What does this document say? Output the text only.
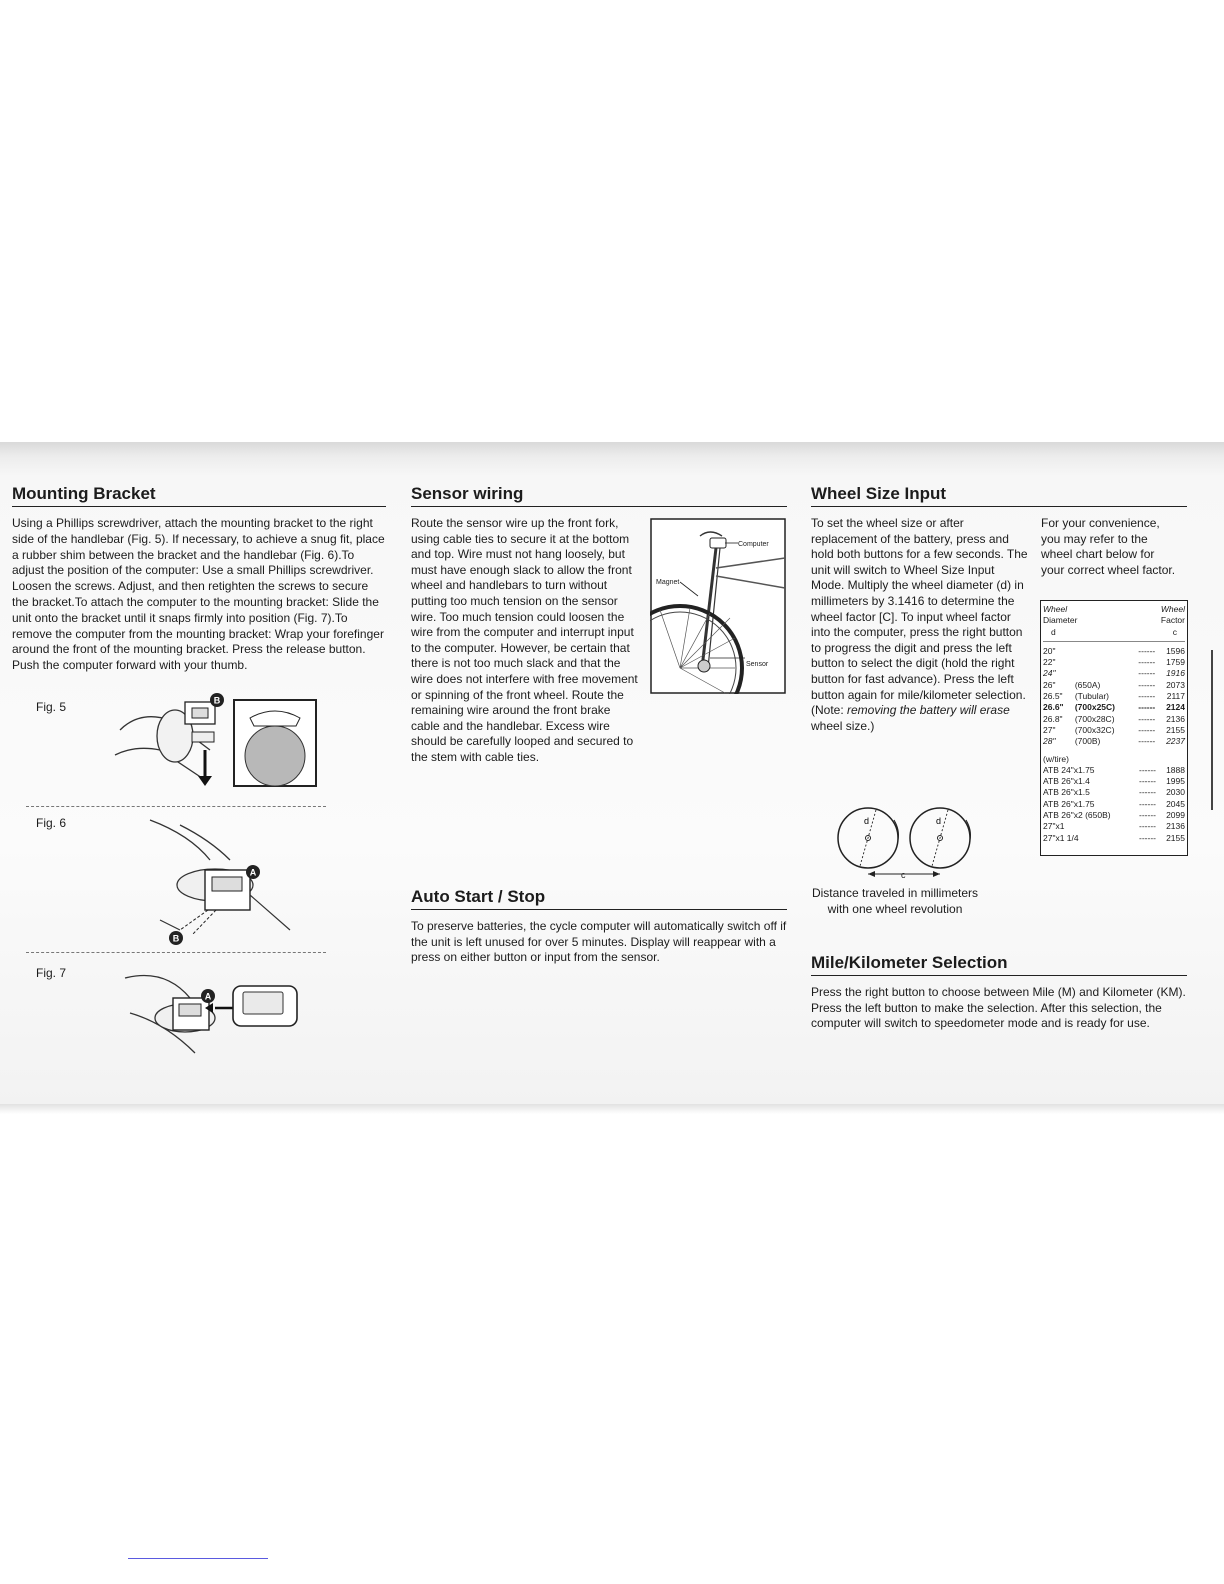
Mounting Bracket

Using a Phillips screwdriver, attach the mounting bracket to the right side of the handlebar (Fig. 5). If necessary, to achieve a snug fit, place a rubber shim between the bracket and the handlebar (Fig. 6).To adjust the position of the computer: Use a small Phillips screwdriver. Loosen the screws. Adjust, and then retighten the screws to secure the bracket.To attach the computer to the mounting bracket: Slide the unit onto the bracket until it snaps firmly into position (Fig. 7).To remove the computer from the mounting bracket: Wrap your forefinger around the front of the mounting bracket. Press the release button. Push the computer forward with your thumb.

Fig. 5	B
Fig. 6
A
B
Fig. 7
A
Sensor wiring

Route the sensor wire up the front fork, using cable ties to secure it at the bottom and top. Wire must not hang loosely, but must have enough slack to allow the front wheel and handlebars to turn without putting too much tension on the sensor wire. Too much tension could loosen the wire from the computer and interrupt input to the computer. However, be certain that there is not too much slack and that the wire does not interfere with free movement or spinning of the front wheel. Route the remaining wire around the front brake cable and the handlebar. Excess wire should be carefully looped and secured to the stem with cable ties.

Computer
Magnet
Sensor
Auto Start / Stop

To preserve batteries, the cycle computer will automatically switch off if the unit is left unused for over 5 minutes. Display will reappear with a press on either button or input from the sensor.

Wheel Size Input

To set the wheel size or after replacement of the battery, press and hold both buttons for a few seconds. The unit will switch to Wheel Size Input Mode. Multiply the wheel diameter (d) in millimeters by 3.1416 to determine the wheel factor [C]. To input wheel factor into the computer, press the right button to progress the digit and press the left button to select the digit (hold the right button for fast advance). Press the left button again for mile/kilometer selection. (Note: removing the battery will erase wheel size.)

For your convenience, you may refer to the wheel chart below for your correct wheel factor.

Wheel	Wheel
Diameter	Factor
d	c
20"		------	1596
22"		------	1759
24"		------	1916
26"	(650A)	------	2073
26.5"	(Tubular)	------	2117
26.6"	(700x25C)	------	2124
26.8"	(700x28C)	------	2136
27"	(700x32C)	------	2155
28"	(700B)	------	2237
(w/tire)
ATB 24"x1.75	------	1888
ATB 26"x1.4	------	1995
ATB 26"x1.5	------	2030
ATB 26"x1.75	------	2045
ATB 26"x2 (650B)	------	2099
27"x1	------	2136
27"x1 1/4	------	2155
d	d
c
Distance traveled in millimeters
with one wheel revolution
Mile/Kilometer Selection

Press the right button to choose between Mile (M) and Kilometer (KM). Press the left button to make the selection. After this selection, the computer will switch to speedometer mode and is ready for use.
